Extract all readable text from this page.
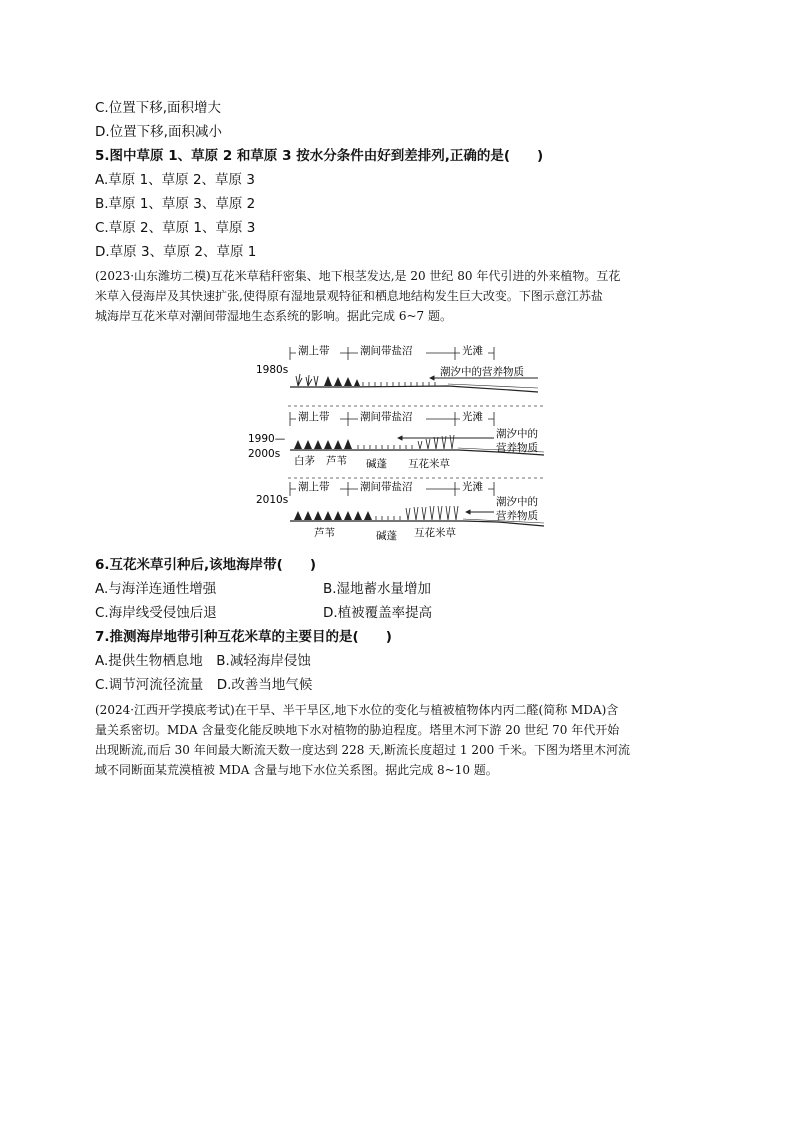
C.位置下移,面积增大
D.位置下移,面积减小
5.图中草原 1、草原 2 和草原 3 按水分条件由好到差排列,正确的是(　　)
A.草原 1、草原 2、草原 3
B.草原 1、草原 3、草原 2
C.草原 2、草原 1、草原 3
D.草原 3、草原 2、草原 1
(2023·山东潍坊二模)互花米草秸秆密集、地下根茎发达,是 20 世纪 80 年代引进的外来植物。互花
米草入侵海岸及其快速扩张,使得原有湿地景观特征和栖息地结构发生巨大改变。下图示意江苏盐
城海岸互花米草对潮间带湿地生态系统的影响。据此完成 6~7 题。
1980s
潮上带	潮间带盐沼	光滩
潮汐中的营养物质
1990—
2000s
潮上带	潮间带盐沼	光滩
潮汐中的
营养物质
白茅 芦苇 碱蓬 互花米草
2010s
潮上带	潮间带盐沼	光滩
潮汐中的
营养物质
芦苇	碱蓬 互花米草
6.互花米草引种后,该地海岸带(　　)
A.与海洋连通性增强	B.湿地蓄水量增加
C.海岸线受侵蚀后退	D.植被覆盖率提高
7.推测海岸地带引种互花米草的主要目的是(　　)
A.提供生物栖息地　B.减轻海岸侵蚀
C.调节河流径流量　D.改善当地气候
(2024·江西开学摸底考试)在干旱、半干旱区,地下水位的变化与植被植物体内丙二醛(简称 MDA)含
量关系密切。MDA 含量变化能反映地下水对植物的胁迫程度。塔里木河下游 20 世纪 70 年代开始
出现断流,而后 30 年间最大断流天数一度达到 228 天,断流长度超过 1 200 千米。下图为塔里木河流
域不同断面某荒漠植被 MDA 含量与地下水位关系图。据此完成 8~10 题。
